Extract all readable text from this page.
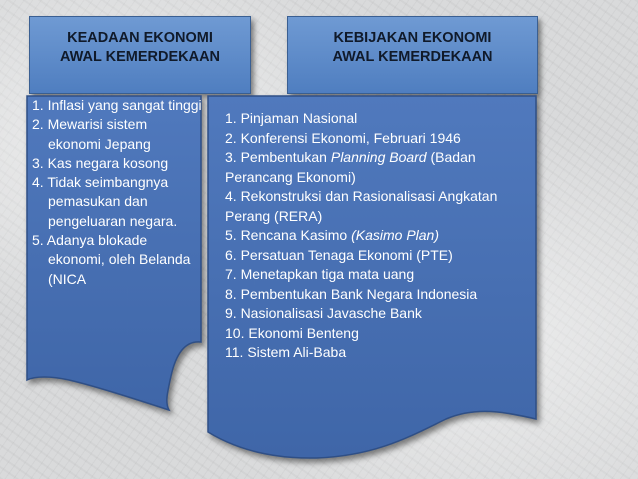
KEADAAN EKONOMI
AWAL KEMERDEKAAN
KEBIJAKAN EKONOMI
AWAL KEMERDEKAAN
1. Inflasi yang sangat tinggi
2. Mewarisi sistem ekonomi Jepang
3. Kas negara kosong
4. Tidak seimbangnya pemasukan dan pengeluaran negara.
5. Adanya blokade ekonomi, oleh Belanda (NICA
1. Pinjaman Nasional
2. Konferensi Ekonomi, Februari 1946
3. Pembentukan Planning Board (Badan Perancang Ekonomi)
4. Rekonstruksi dan Rasionalisasi Angkatan Perang (RERA)
5. Rencana Kasimo (Kasimo Plan)
6. Persatuan Tenaga Ekonomi (PTE)
7. Menetapkan tiga mata uang
8. Pembentukan Bank Negara Indonesia
9. Nasionalisasi Javasche Bank
10. Ekonomi Benteng
11. Sistem Ali-Baba
